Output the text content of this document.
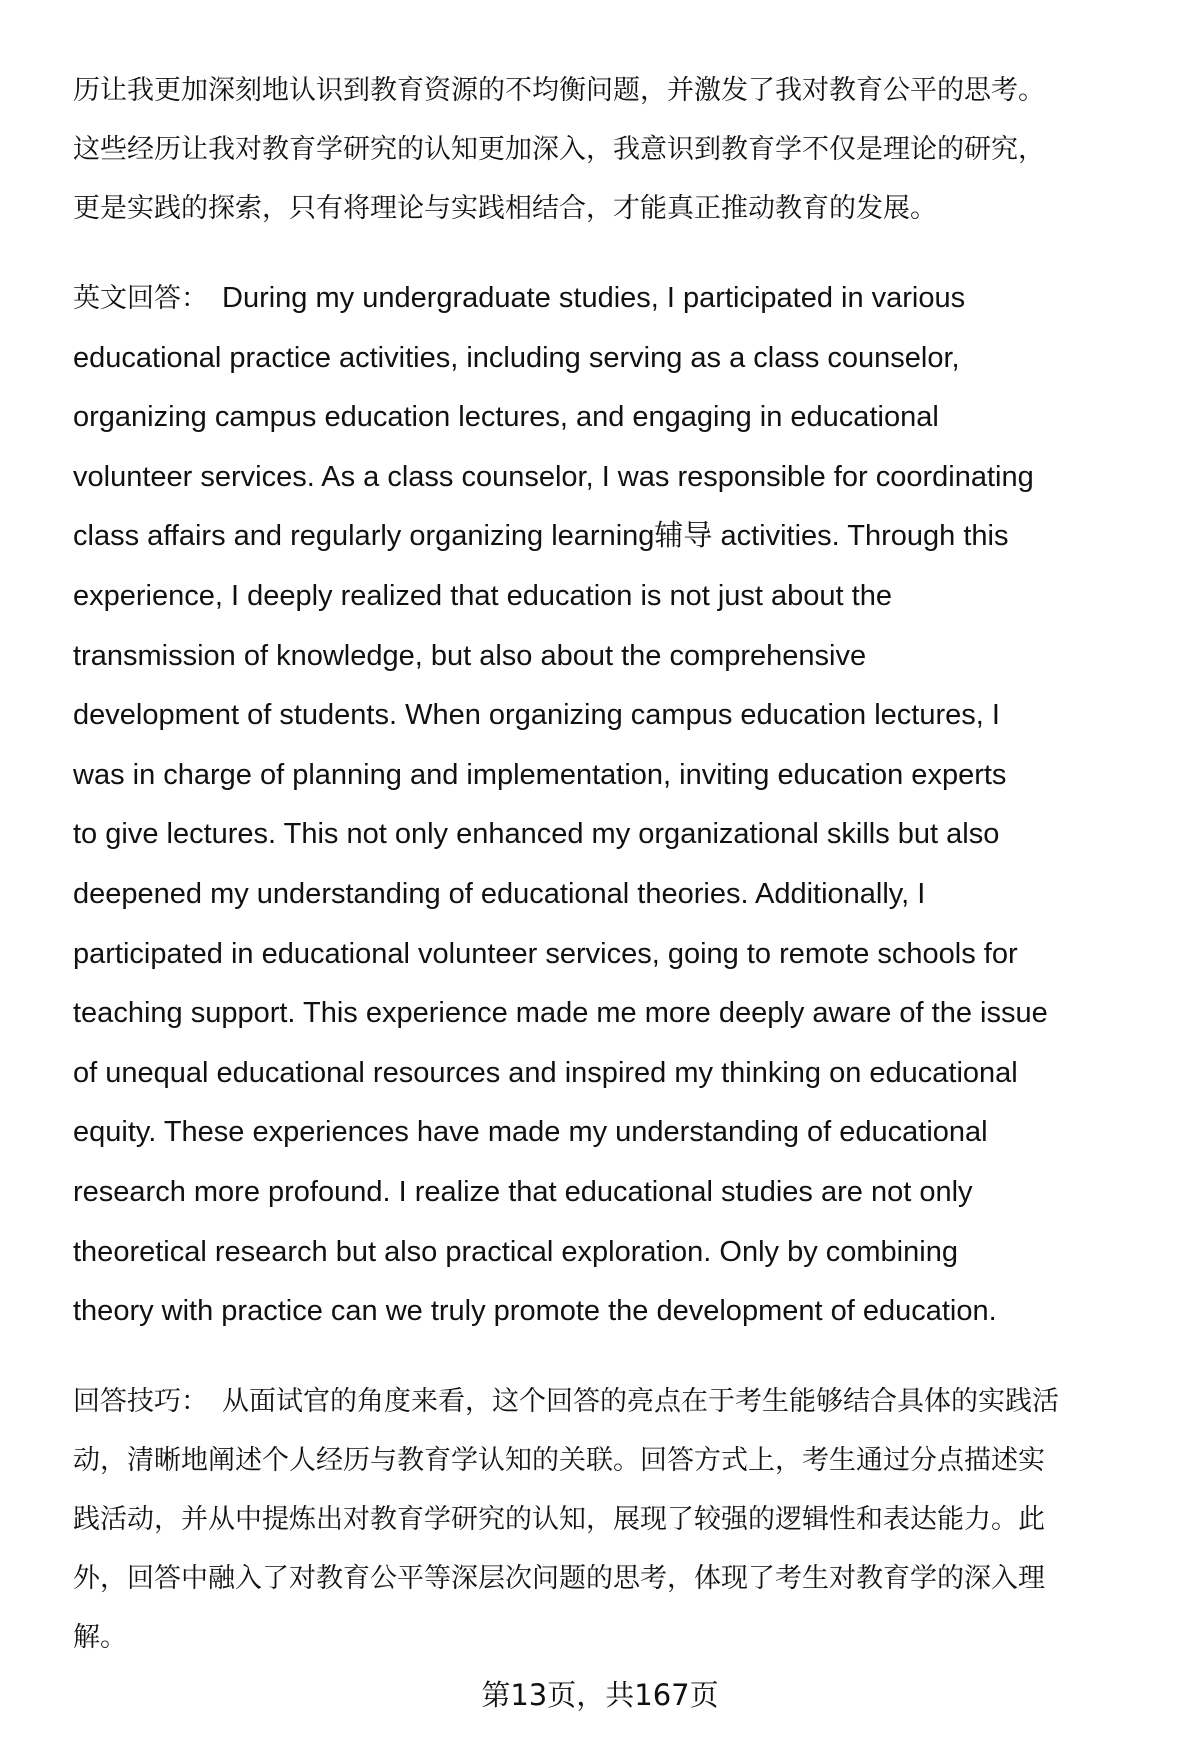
历让我更加深刻地认识到教育资源的不均衡问题，并激发了我对教育公平的思考。
这些经历让我对教育学研究的认知更加深入，我意识到教育学不仅是理论的研究，
更是实践的探索，只有将理论与实践相结合，才能真正推动教育的发展。
英文回答： During my undergraduate studies, I participated in various
educational practice activities, including serving as a class counselor,
organizing campus education lectures, and engaging in educational
volunteer services. As a class counselor, I was responsible for coordinating
class affairs and regularly organizing learning辅导 activities. Through this
experience, I deeply realized that education is not just about the
transmission of knowledge, but also about the comprehensive
development of students. When organizing campus education lectures, I
was in charge of planning and implementation, inviting education experts
to give lectures. This not only enhanced my organizational skills but also
deepened my understanding of educational theories. Additionally, I
participated in educational volunteer services, going to remote schools for
teaching support. This experience made me more deeply aware of the issue
of unequal educational resources and inspired my thinking on educational
equity. These experiences have made my understanding of educational
research more profound. I realize that educational studies are not only
theoretical research but also practical exploration. Only by combining
theory with practice can we truly promote the development of education.
回答技巧： 从面试官的角度来看，这个回答的亮点在于考生能够结合具体的实践活
动，清晰地阐述个人经历与教育学认知的关联。回答方式上，考生通过分点描述实
践活动，并从中提炼出对教育学研究的认知，展现了较强的逻辑性和表达能力。此
外，回答中融入了对教育公平等深层次问题的思考，体现了考生对教育学的深入理
解。
第13页，共167页
